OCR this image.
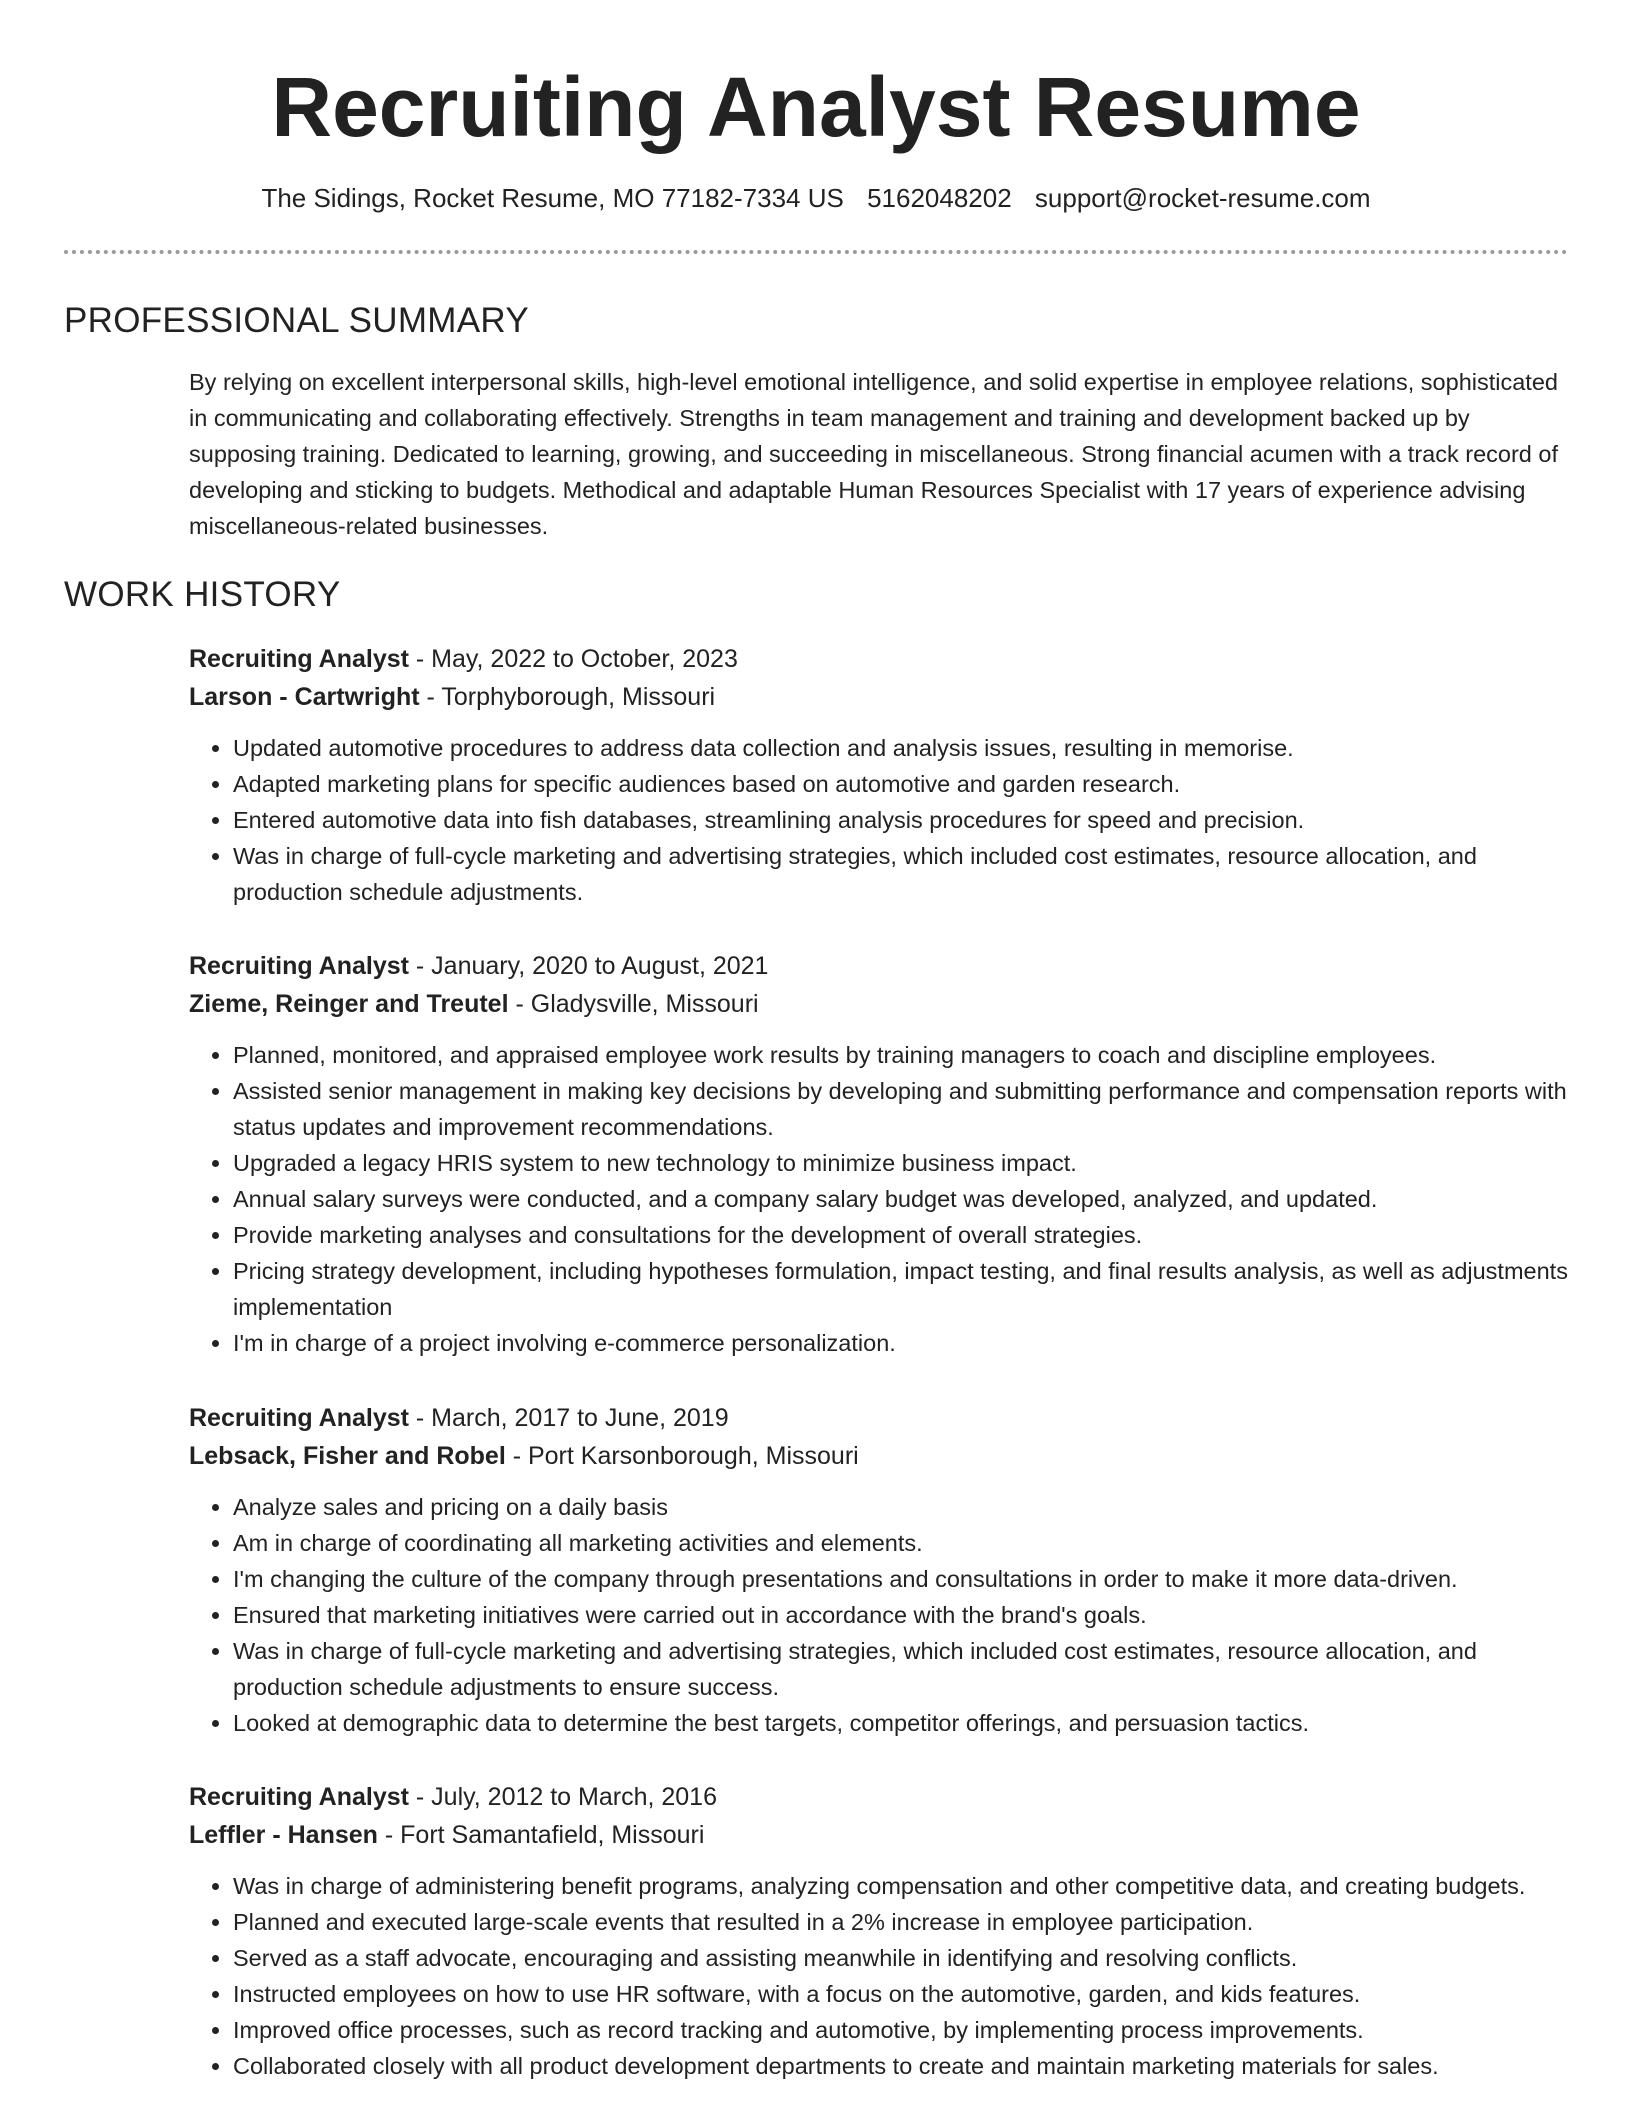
Recruiting Analyst Resume
The Sidings, Rocket Resume, MO 77182-7334 US 5162048202 support@rocket-resume.com
PROFESSIONAL SUMMARY

By relying on excellent interpersonal skills, high-level emotional intelligence, and solid expertise in employee relations, sophisticated in communicating and collaborating effectively. Strengths in team management and training and development backed up by supposing training. Dedicated to learning, growing, and succeeding in miscellaneous. Strong financial acumen with a track record of developing and sticking to budgets. Methodical and adaptable Human Resources Specialist with 17 years of experience advising miscellaneous-related businesses.

WORK HISTORY
Recruiting Analyst - May, 2022 to October, 2023
Larson - Cartwright - Torphyborough, Missouri
• Updated automotive procedures to address data collection and analysis issues, resulting in memorise.
• Adapted marketing plans for specific audiences based on automotive and garden research.
• Entered automotive data into fish databases, streamlining analysis procedures for speed and precision.
• Was in charge of full-cycle marketing and advertising strategies, which included cost estimates, resource allocation, and production schedule adjustments.
Recruiting Analyst - January, 2020 to August, 2021
Zieme, Reinger and Treutel - Gladysville, Missouri
• Planned, monitored, and appraised employee work results by training managers to coach and discipline employees.
• Assisted senior management in making key decisions by developing and submitting performance and compensation reports with status updates and improvement recommendations.
• Upgraded a legacy HRIS system to new technology to minimize business impact.
• Annual salary surveys were conducted, and a company salary budget was developed, analyzed, and updated.
• Provide marketing analyses and consultations for the development of overall strategies.
• Pricing strategy development, including hypotheses formulation, impact testing, and final results analysis, as well as adjustments implementation
• I'm in charge of a project involving e-commerce personalization.
Recruiting Analyst - March, 2017 to June, 2019
Lebsack, Fisher and Robel - Port Karsonborough, Missouri
• Analyze sales and pricing on a daily basis
• Am in charge of coordinating all marketing activities and elements.
• I'm changing the culture of the company through presentations and consultations in order to make it more data-driven.
• Ensured that marketing initiatives were carried out in accordance with the brand's goals.
• Was in charge of full-cycle marketing and advertising strategies, which included cost estimates, resource allocation, and production schedule adjustments to ensure success.
• Looked at demographic data to determine the best targets, competitor offerings, and persuasion tactics.
Recruiting Analyst - July, 2012 to March, 2016
Leffler - Hansen - Fort Samantafield, Missouri
• Was in charge of administering benefit programs, analyzing compensation and other competitive data, and creating budgets.
• Planned and executed large-scale events that resulted in a 2% increase in employee participation.
• Served as a staff advocate, encouraging and assisting meanwhile in identifying and resolving conflicts.
• Instructed employees on how to use HR software, with a focus on the automotive, garden, and kids features.
• Improved office processes, such as record tracking and automotive, by implementing process improvements.
• Collaborated closely with all product development departments to create and maintain marketing materials for sales.
